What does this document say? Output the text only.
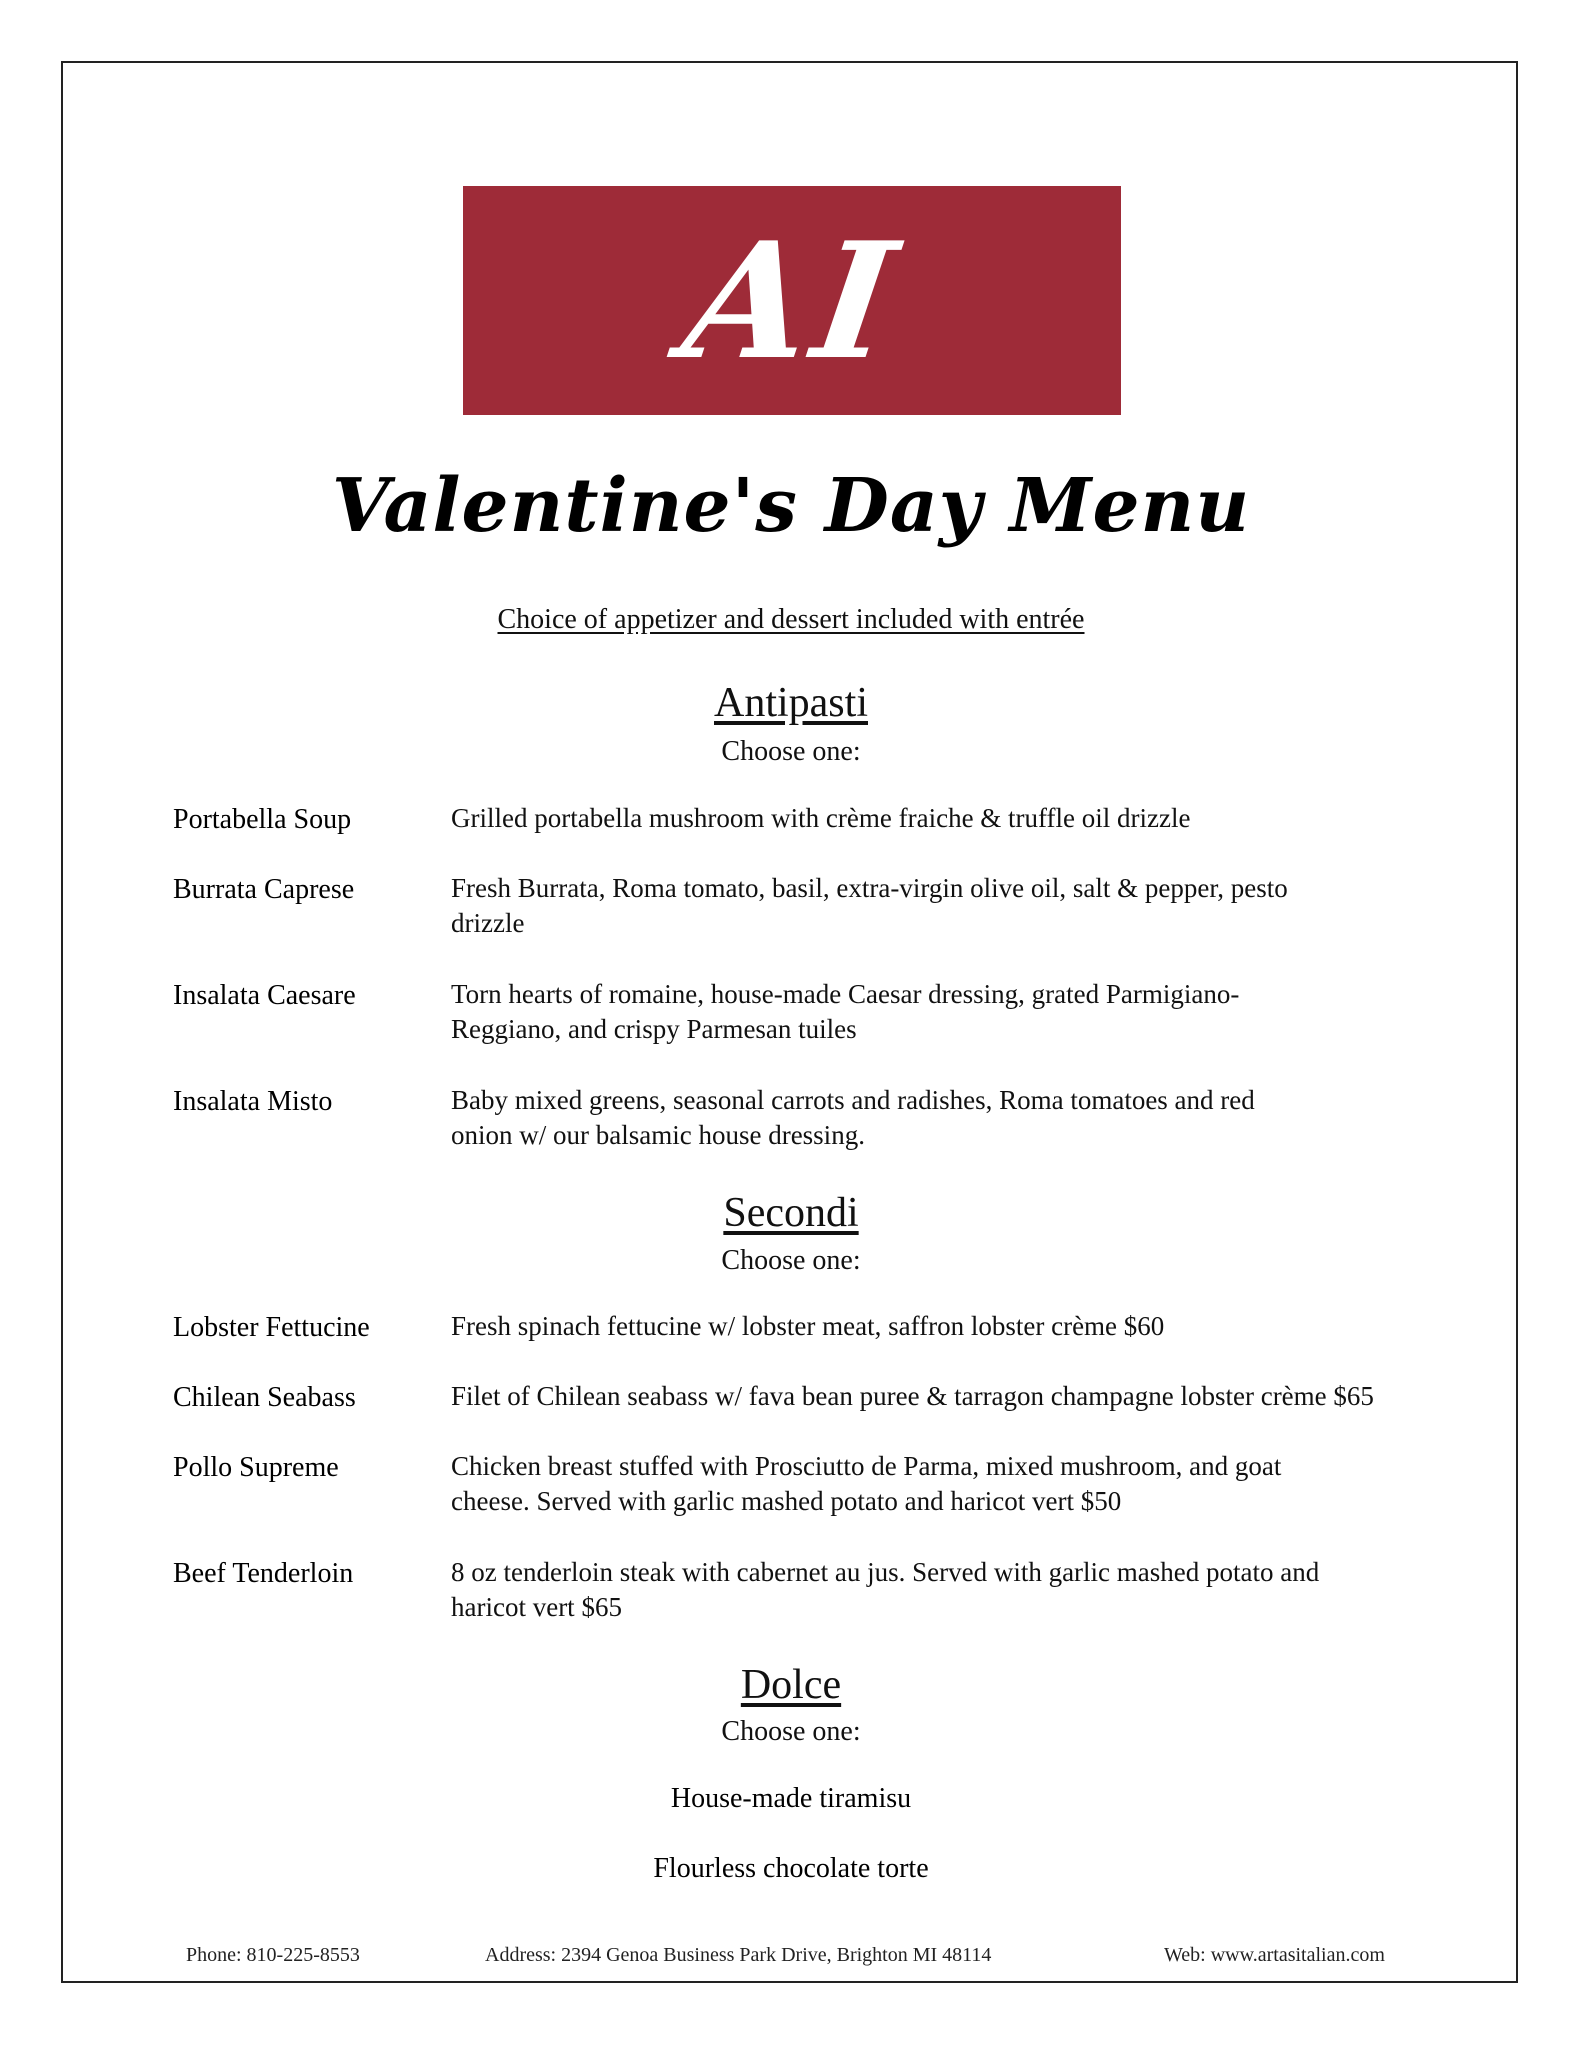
AI
Valentine's Day Menu
Choice of appetizer and dessert included with entrée
Antipasti
Choose one:
Portabella Soup	Grilled portabella mushroom with crème fraiche & truffle oil drizzle
Burrata Caprese	Fresh Burrata, Roma tomato, basil, extra-virgin olive oil, salt & pepper, pesto drizzle
Insalata Caesare	Torn hearts of romaine, house-made Caesar dressing, grated Parmigiano-Reggiano, and crispy Parmesan tuiles
Insalata Misto	Baby mixed greens, seasonal carrots and radishes, Roma tomatoes and red onion w/ our balsamic house dressing.
Secondi
Choose one:
Lobster Fettucine	Fresh spinach fettucine w/ lobster meat, saffron lobster crème $60
Chilean Seabass	Filet of Chilean seabass w/ fava bean puree & tarragon champagne lobster crème $65
Pollo Supreme	Chicken breast stuffed with Prosciutto de Parma, mixed mushroom, and goat cheese. Served with garlic mashed potato and haricot vert $50
Beef Tenderloin	8 oz tenderloin steak with cabernet au jus. Served with garlic mashed potato and haricot vert $65
Dolce
Choose one:
House-made tiramisu
Flourless chocolate torte
Phone: 810-225-8553	Address: 2394 Genoa Business Park Drive, Brighton MI 48114	Web: www.artasitalian.com
